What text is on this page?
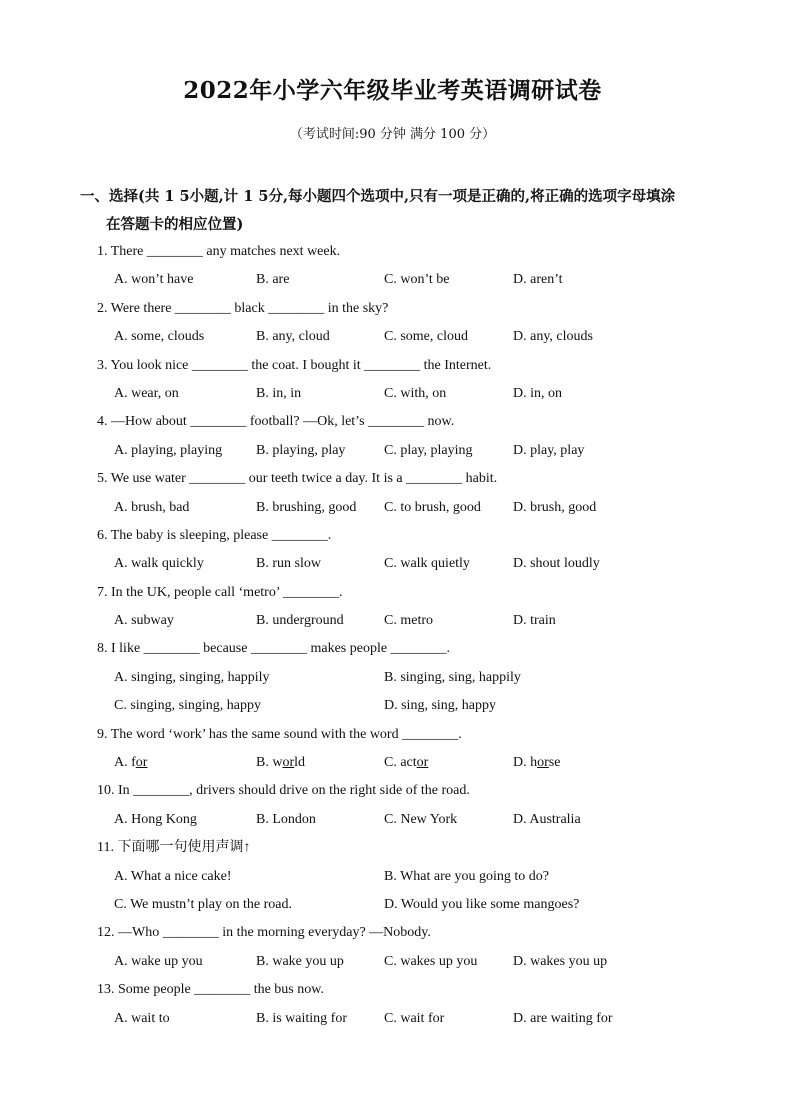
2022年小学六年级毕业考英语调研试卷
（考试时间:90 分钟 满分 100 分）
一、选择(共 1 5小题,计 1 5分,每小题四个选项中,只有一项是正确的,将正确的选项字母填涂
在答题卡的相应位置)
1. There ________ any matches next week.
A. won’t have	B. are	C. won’t be	D. aren’t
2. Were there ________ black ________ in the sky?
A. some, clouds	B. any, cloud	C. some, cloud	D. any, clouds
3. You look nice ________ the coat. I bought it ________ the Internet.
A. wear, on	B. in, in	C. with, on	D. in, on
4. —How about ________ football? —Ok, let’s ________ now.
A. playing, playing B. playing, play	C. play, playing	D. play, play
5. We use water ________ our teeth twice a day. It is a ________ habit.
A. brush, bad	B. brushing, good C. to brush, good D. brush, good
6. The baby is sleeping, please ________.
A. walk quickly	B. run slow	C. walk quietly	D. shout loudly
7. In the UK, people call ‘metro’ ________.
A. subway	B. underground	C. metro	D. train
8. I like ________ because ________ makes people ________.
A. singing, singing, happily	B. singing, sing, happily
C. singing, singing, happy	D. sing, sing, happy
9. The word ‘work’ has the same sound with the word ________.
A. for	B. world	C. actor	D. horse
10. In ________, drivers should drive on the right side of the road.
A. Hong Kong	B. London	C. New York	D. Australia
11. 下面哪一句使用声调↑
A. What a nice cake!	B. What are you going to do?
C. We mustn’t play on the road.	D. Would you like some mangoes?
12. —Who ________ in the morning everyday? —Nobody.
A. wake up you	B. wake you up	C. wakes up you	D. wakes you up
13. Some people ________ the bus now.
A. wait to	B. is waiting for	C. wait for	D. are waiting for
